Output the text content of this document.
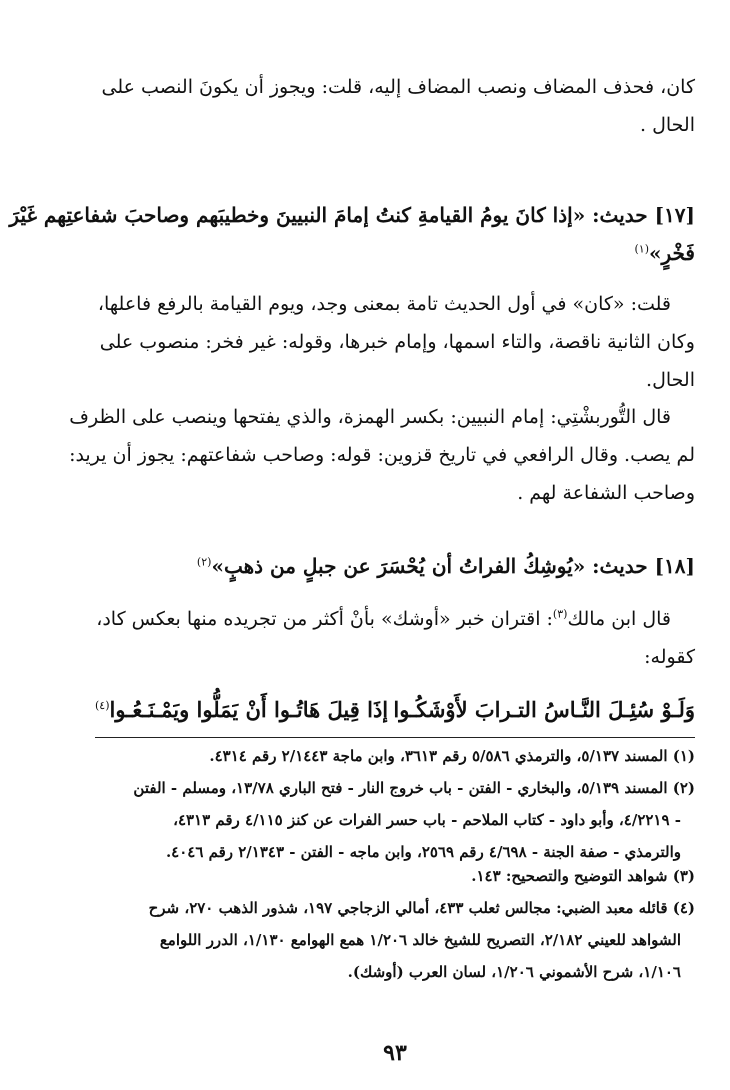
كان، فحذف المضاف ونصب المضاف إليه، قلت: ويجوز أن يكونَ النصب على
الحال .
[١٧] حديث: «إذا كانَ يومُ القيامةِ كنتُ إمامَ النبيينَ وخطيبَهم وصاحبَ شفاعتِهم غَيْرَ
فَخْرٍ»$^{(١)}$
قلت: «كان» في أول الحديث تامة بمعنى وجد، ويوم القيامة بالرفع فاعلها،
وكان الثانية ناقصة، والتاء اسمها، وإمام خبرها، وقوله: غير فخر: منصوب على
الحال.
قال التُّوربشْتِي: إمام النبيين: بكسر الهمزة، والذي يفتحها وينصب على الظرف
لم يصب. وقال الرافعي في تاريخ قزوين: قوله: وصاحب شفاعتهم: يجوز أن يريد:
وصاحب الشفاعة لهم .
[١٨] حديث: «يُوشِكُ الفراتُ أن يُحْسَرَ عن جبلٍ من ذهبٍ»$^{(٢)}$
قال ابن مالك$^{(٣)}$: اقتران خبر «أوشك» بأنْ أكثر من تجريده منها بعكس كاد،
كقوله:
وَلَـوْ سُئِـلَ النَّـاسُ التـرابَ لأَوْشَكُـوا
إذَا قِيلَ هَاتُـوا أَنْ يَمَلُّوا ويَمْـنَـعُـوا$^{(٤)}$
(١) المسند ٥/١٣٧، والترمذي ٥/٥٨٦ رقم ٣٦١٣، وابن ماجة ٢/١٤٤٣ رقم ٤٣١٤.
(٢) المسند ٥/١٣٩، والبخاري - الفتن - باب خروج النار - فتح الباري ١٣/٧٨، ومسلم - الفتن
- ٤/٢٢١٩، وأبو داود - كتاب الملاحم - باب حسر الفرات عن كنز ٤/١١٥ رقم ٤٣١٣،
والترمذي - صفة الجنة - ٤/٦٩٨ رقم ٢٥٦٩، وابن ماجه - الفتن - ٢/١٣٤٣ رقم ٤٠٤٦.
(٣) شواهد التوضيح والتصحيح: ١٤٣.
(٤) قائله معبد الضبي: مجالس ثعلب ٤٣٣، أمالي الزجاجي ١٩٧، شذور الذهب ٢٧٠، شرح
الشواهد للعيني ٢/١٨٢، التصريح للشيخ خالد ١/٢٠٦ همع الهوامع ١/١٣٠، الدرر اللوامع
١/١٠٦، شرح الأشموني ١/٢٠٦، لسان العرب (أوشك).
٩٣
